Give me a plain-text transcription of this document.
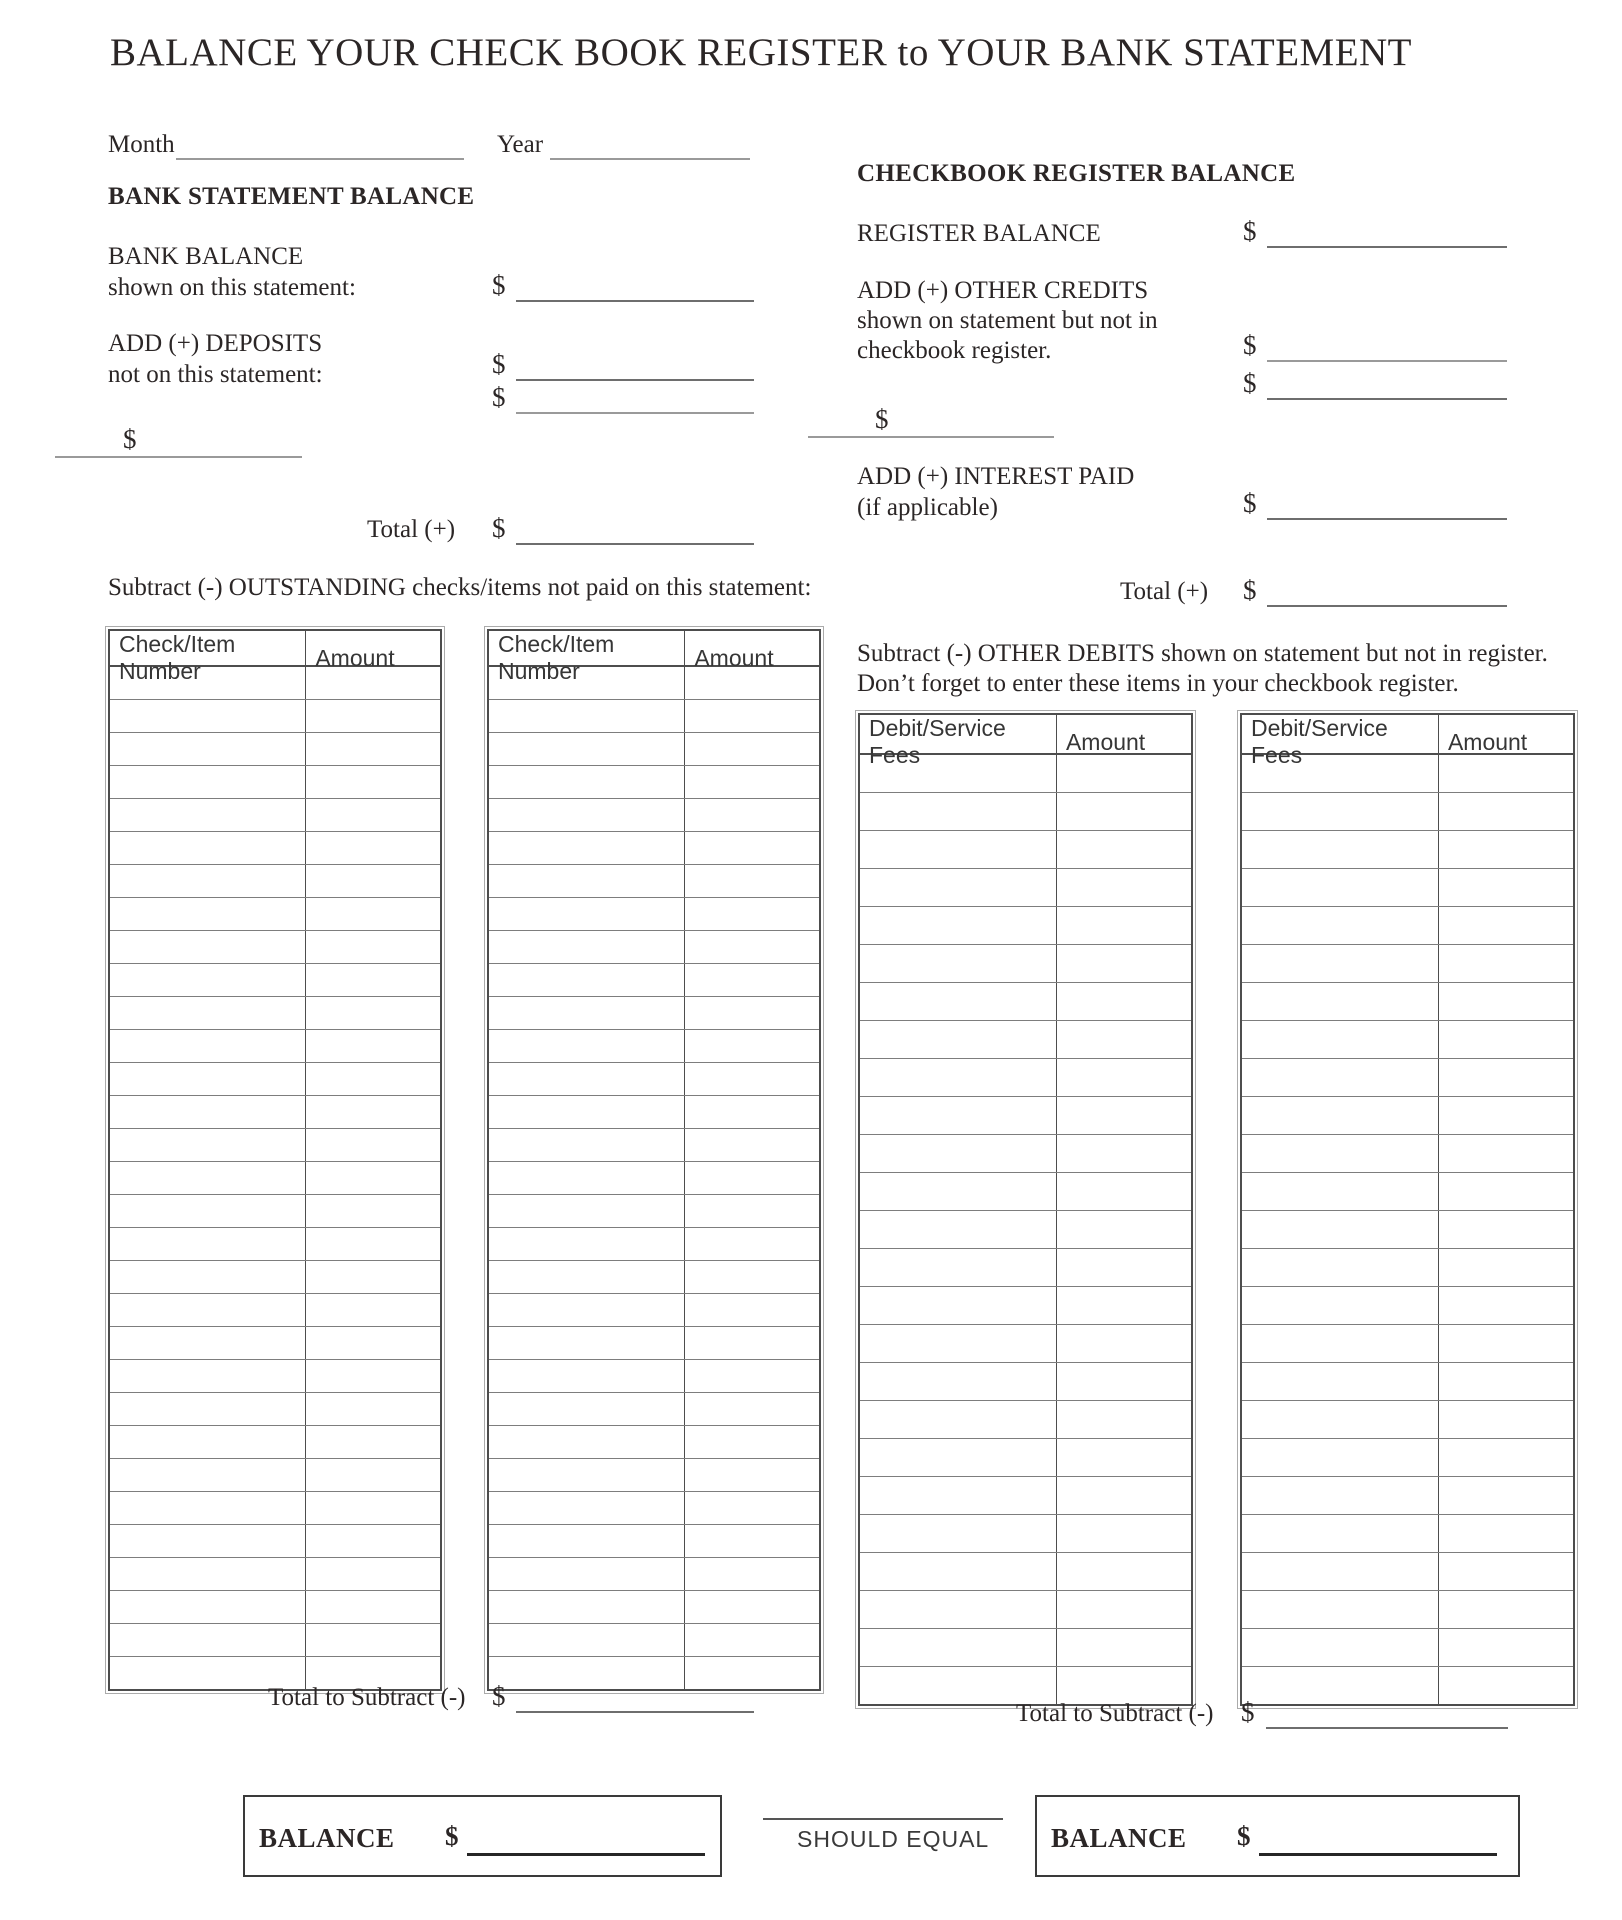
BALANCE YOUR CHECK BOOK REGISTER to YOUR BANK STATEMENT
Month	Year
BANK STATEMENT BALANCE
BANK BALANCE
shown on this statement:	$
ADD (+) DEPOSITS
not on this statement:	$
$
$
Total (+) $
Subtract (-) OUTSTANDING checks/items not paid on this statement:
Check/Item Number
Amount
Check/Item Number
Amount
Total to Subtract (-) $
CHECKBOOK REGISTER BALANCE
REGISTER BALANCE	$
ADD (+) OTHER CREDITS
shown on statement but not in
checkbook register.	$
$
$
ADD (+) INTEREST PAID
(if applicable)	$
Total (+) $
Subtract (-) OTHER DEBITS shown on statement but not in register.
Don’t forget to enter these items in your checkbook register.
Debit/Service Fees
Amount
Debit/Service Fees
Amount
Total to Subtract (-) $
BALANCE $	SHOULD EQUAL BALANCE $
